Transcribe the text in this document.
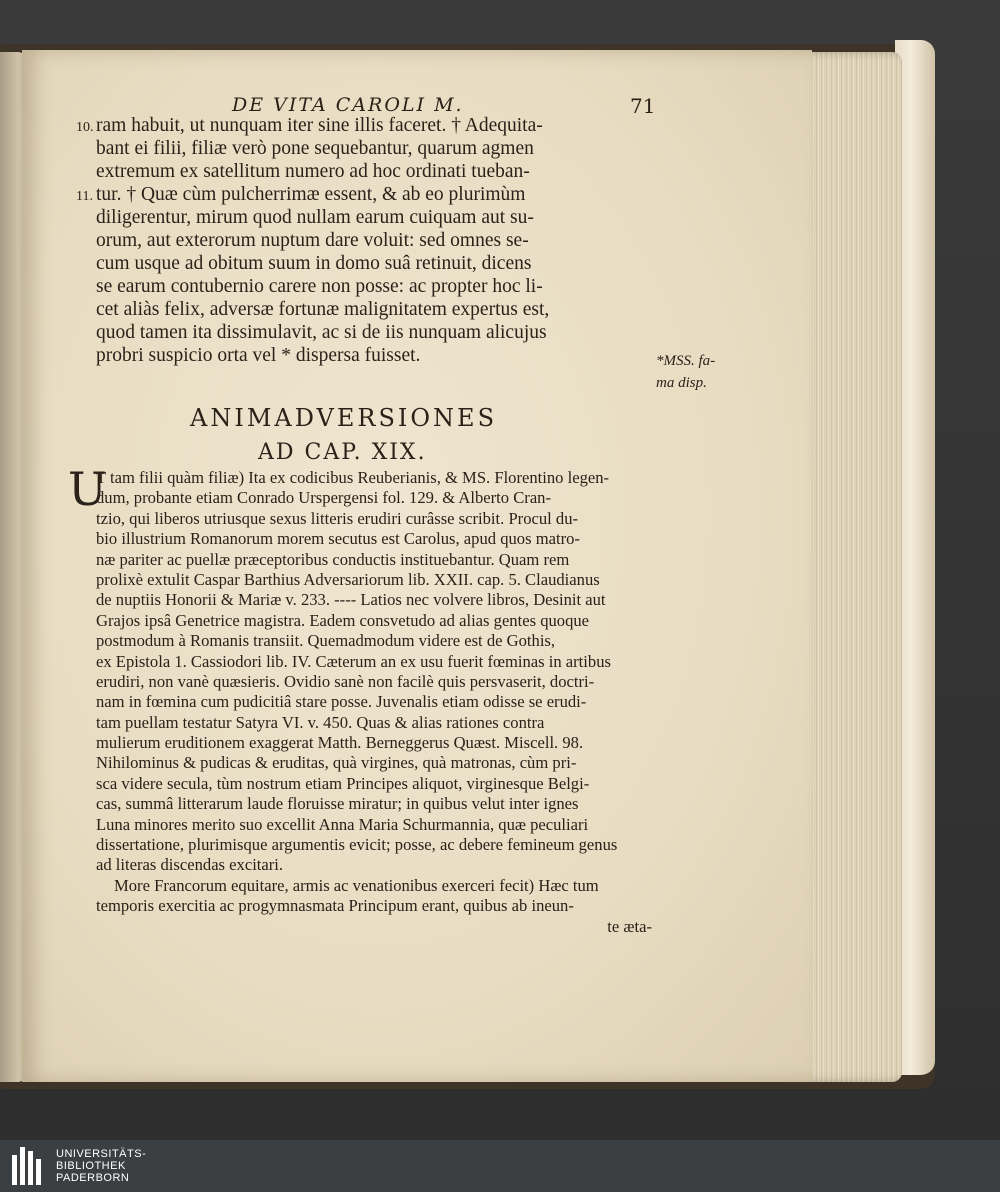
DE VITA CAROLI M.	71
10. ram habuit, ut nunquam iter sine illis faceret. † Adequita-
bant ei filii, filiæ verò pone sequebantur, quarum agmen
extremum ex satellitum numero ad hoc ordinati tueban-
11. tur. † Quæ cùm pulcherrimæ essent, & ab eo plurimùm
diligerentur, mirum quod nullam earum cuiquam aut su-
orum, aut exterorum nuptum dare voluit: sed omnes se-
cum usque ad obitum suum in domo suâ retinuit, dicens
se earum contubernio carere non posse: ac propter hoc li-
cet aliàs felix, adversæ fortunæ malignitatem expertus est,
quod tamen ita dissimulavit, ac si de iis nunquam alicujus
probri suspicio orta vel * dispersa fuisset.	*MSS. fa-
ma disp.
ANIMADVERSIONES
AD CAP. XIX.
U
T tam filii quàm filiæ) Ita ex codicibus Reuberianis, & MS. Florentino legen-
dum, probante etiam Conrado Urspergensi fol. 129. & Alberto Cran-
tzio, qui liberos utriusque sexus litteris erudiri curâsse scribit. Procul du-
bio illustrium Romanorum morem secutus est Carolus, apud quos matro-
næ pariter ac puellæ præceptoribus conductis instituebantur. Quam rem
prolixè extulit Caspar Barthius Adversariorum lib. XXII. cap. 5. Claudianus
de nuptiis Honorii & Mariæ v. 233. ---- Latios nec volvere libros, Desinit aut
Grajos ipsâ Genetrice magistra. Eadem consvetudo ad alias gentes quoque
postmodum à Romanis transiit. Quemadmodum videre est de Gothis,
ex Epistola 1. Cassiodori lib. IV. Cæterum an ex usu fuerit fœminas in artibus
erudiri, non vanè quæsieris. Ovidio sanè non facilè quis persvaserit, doctri-
nam in fœmina cum pudicitiâ stare posse. Juvenalis etiam odisse se erudi-
tam puellam testatur Satyra VI. v. 450. Quas & alias rationes contra
mulierum eruditionem exaggerat Matth. Berneggerus Quæst. Miscell. 98.
Nihilominus & pudicas & eruditas, quà virgines, quà matronas, cùm pri-
sca videre secula, tùm nostrum etiam Principes aliquot, virginesque Belgi-
cas, summâ litterarum laude floruisse miratur; in quibus velut inter ignes
Luna minores merito suo excellit Anna Maria Schurmannia, quæ peculiari
dissertatione, plurimisque argumentis evicit; posse, ac debere femineum genus
ad literas discendas excitari.
More Francorum equitare, armis ac venationibus exerceri fecit) Hæc tum
temporis exercitia ac progymnasmata Principum erant, quibus ab ineun-
te æta-
UNIVERSITÄTS-
BIBLIOTHEK
PADERBORN
